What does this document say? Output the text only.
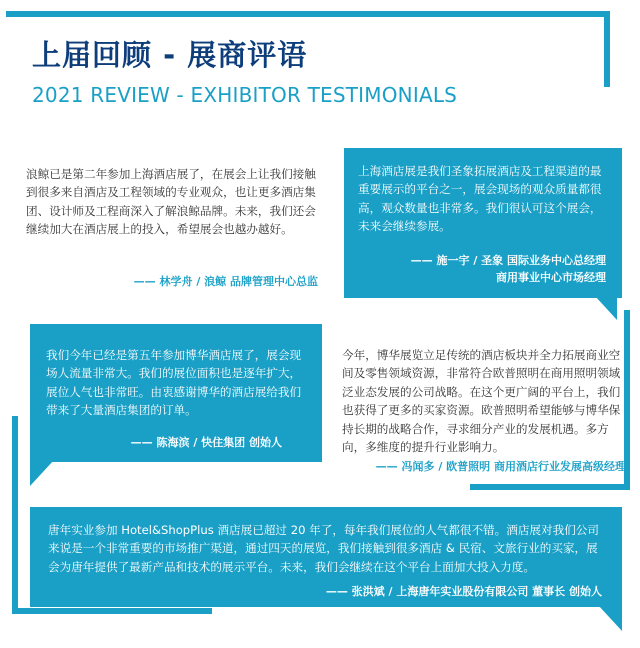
上届回顾 - 展商评语
2021 REVIEW - EXHIBITOR TESTIMONIALS

浪鲸已是第二年参加上海酒店展了，在展会上让我们接触到很多来自酒店及工程领域的专业观众，也让更多酒店集团、设计师及工程商深入了解浪鲸品牌。未来，我们还会继续加大在酒店展上的投入，希望展会也越办越好。

—— 林学舟 / 浪鲸 品牌管理中心总监

上海酒店展是我们圣象拓展酒店及工程渠道的最重要展示的平台之一，展会现场的观众质量都很高，观众数量也非常多。我们很认可这个展会，未来会继续参展。

—— 施一宇 / 圣象 国际业务中心总经理
商用事业中心市场经理

我们今年已经是第五年参加博华酒店展了，展会现场人流量非常大。我们的展位面积也是逐年扩大，展位人气也非常旺。由衷感谢博华的酒店展给我们带来了大量酒店集团的订单。

—— 陈海滨 / 快住集团 创始人

今年，博华展览立足传统的酒店板块并全力拓展商业空间及零售领域资源，非常符合欧普照明在商用照明领域泛业态发展的公司战略。在这个更广阔的平台上，我们也获得了更多的买家资源。欧普照明希望能够与博华保持长期的战略合作，寻求细分产业的发展机遇。多方向，多维度的提升行业影响力。

—— 冯闻多 / 欧普照明 商用酒店行业发展高级经理

唐年实业参加 Hotel&ShopPlus 酒店展已超过 20 年了，每年我们展位的人气都很不错。酒店展对我们公司来说是一个非常重要的市场推广渠道，通过四天的展览，我们接触到很多酒店 & 民宿、文旅行业的买家，展会为唐年提供了最新产品和技术的展示平台。未来，我们会继续在这个平台上面加大投入力度。

—— 张洪斌 / 上海唐年实业股份有限公司 董事长 创始人
